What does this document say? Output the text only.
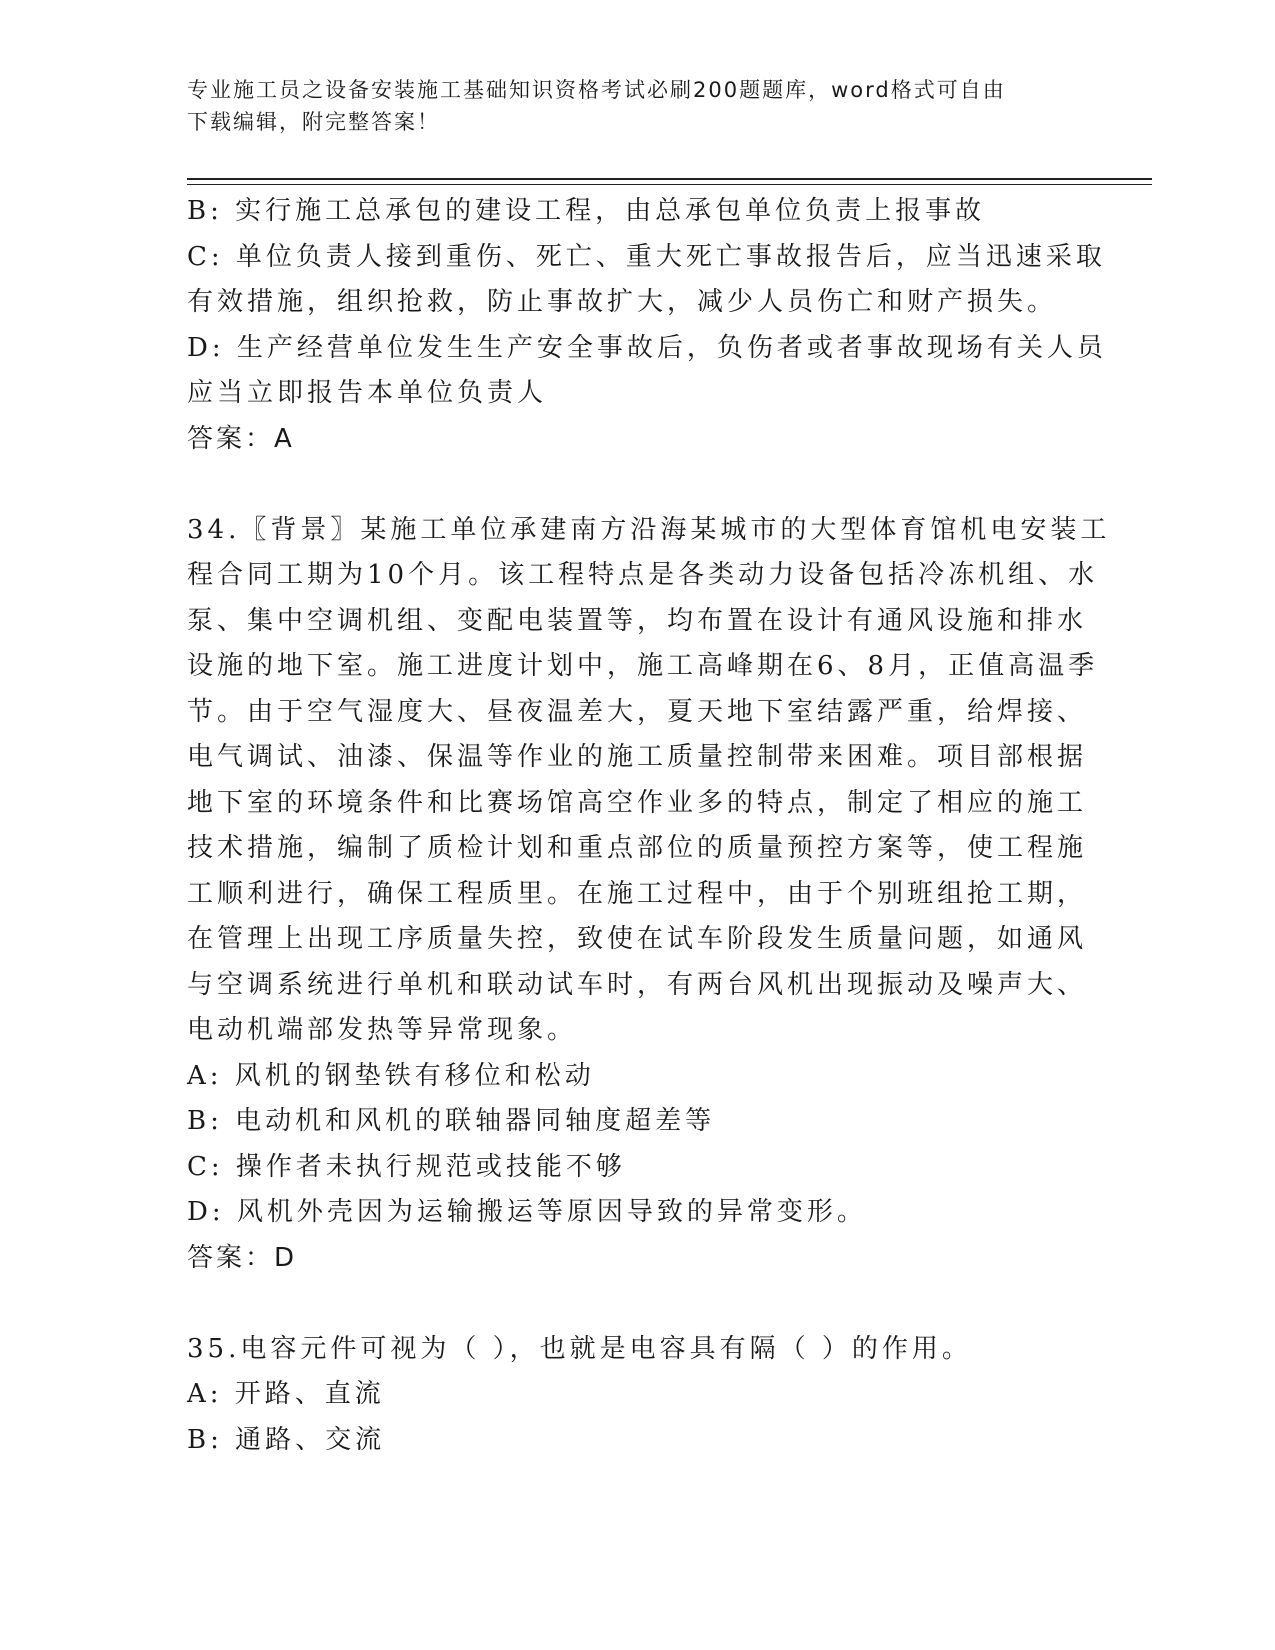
专业施工员之设备安装施工基础知识资格考试必刷200题题库，word格式可自由
下载编辑，附完整答案！
B: 实行施工总承包的建设工程，由总承包单位负责上报事故
C: 单位负责人接到重伤、死亡、重大死亡事故报告后，应当迅速采取
有效措施，组织抢救，防止事故扩大，减少人员伤亡和财产损失。
D: 生产经营单位发生生产安全事故后，负伤者或者事故现场有关人员
应当立即报告本单位负责人
答案：A
34.〖背景〗某施工单位承建南方沿海某城市的大型体育馆机电安装工
程合同工期为10个月。该工程特点是各类动力设备包括冷冻机组、水
泵、集中空调机组、变配电装置等，均布置在设计有通风设施和排水
设施的地下室。施工进度计划中，施工高峰期在6、8月，正值高温季
节。由于空气湿度大、昼夜温差大，夏天地下室结露严重，给焊接、
电气调试、油漆、保温等作业的施工质量控制带来困难。项目部根据
地下室的环境条件和比赛场馆高空作业多的特点，制定了相应的施工
技术措施，编制了质检计划和重点部位的质量预控方案等，使工程施
工顺利进行，确保工程质里。在施工过程中，由于个别班组抢工期，
在管理上出现工序质量失控，致使在试车阶段发生质量问题，如通风
与空调系统进行单机和联动试车时，有两台风机出现振动及噪声大、
电动机端部发热等异常现象。
A: 风机的钢垫铁有移位和松动
B: 电动机和风机的联轴器同轴度超差等
C: 操作者未执行规范或技能不够
D: 风机外壳因为运输搬运等原因导致的异常变形。
答案：D
35.电容元件可视为（ ），也就是电容具有隔（ ）的作用。
A: 开路、直流
B: 通路、交流
